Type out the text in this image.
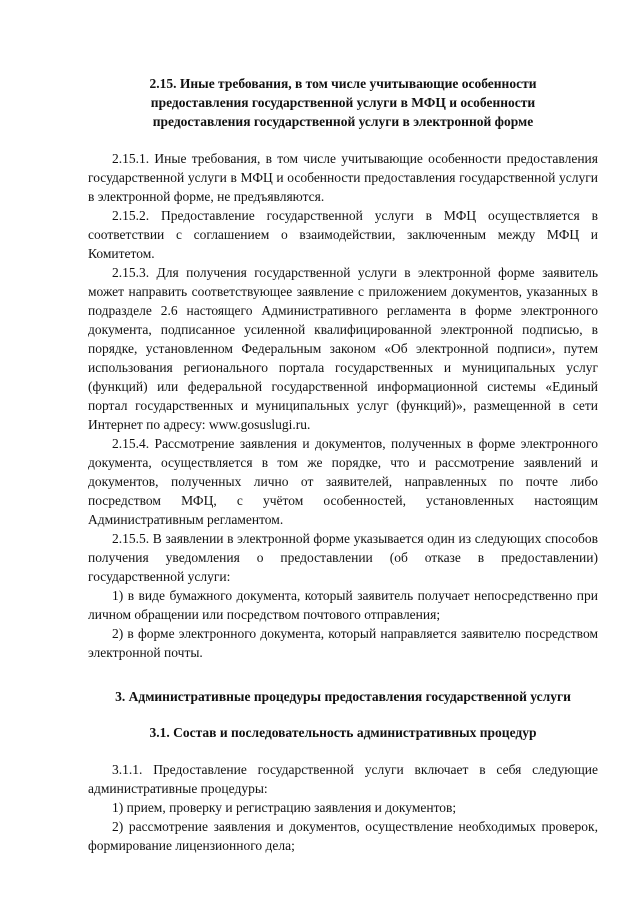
2.15. Иные требования, в том числе учитывающие особенности
предоставления государственной услуги в МФЦ и особенности
предоставления государственной услуги в электронной форме
2.15.1. Иные требования, в том числе учитывающие особенности предоставления государственной услуги в МФЦ и особенности предоставления государственной услуги в электронной форме, не предъявляются.
2.15.2. Предоставление государственной услуги в МФЦ осуществляется в соответствии с соглашением о взаимодействии, заключенным между МФЦ и Комитетом.
2.15.3. Для получения государственной услуги в электронной форме заявитель может направить соответствующее заявление с приложением документов, указанных в подразделе 2.6 настоящего Административного регламента в форме электронного документа, подписанное усиленной квалифицированной электронной подписью, в порядке, установленном Федеральным законом «Об электронной подписи», путем использования регионального портала государственных и муниципальных услуг (функций) или федеральной государственной информационной системы «Единый портал государственных и муниципальных услуг (функций)», размещенной в сети Интернет по адресу: www.gosuslugi.ru.
2.15.4. Рассмотрение заявления и документов, полученных в форме электронного документа, осуществляется в том же порядке, что и рассмотрение заявлений и документов, полученных лично от заявителей, направленных по почте либо посредством МФЦ, с учётом особенностей, установленных настоящим Административным регламентом.
2.15.5. В заявлении в электронной форме указывается один из следующих способов получения уведомления о предоставлении (об отказе в предоставлении) государственной услуги:
1) в виде бумажного документа, который заявитель получает непосредственно при личном обращении или посредством почтового отправления;
2) в форме электронного документа, который направляется заявителю посредством электронной почты.
3. Административные процедуры предоставления государственной услуги
3.1. Состав и последовательность административных процедур
3.1.1. Предоставление государственной услуги включает в себя следующие административные процедуры:
1) прием, проверку и регистрацию заявления и документов;
2) рассмотрение заявления и документов, осуществление необходимых проверок, формирование лицензионного дела;
